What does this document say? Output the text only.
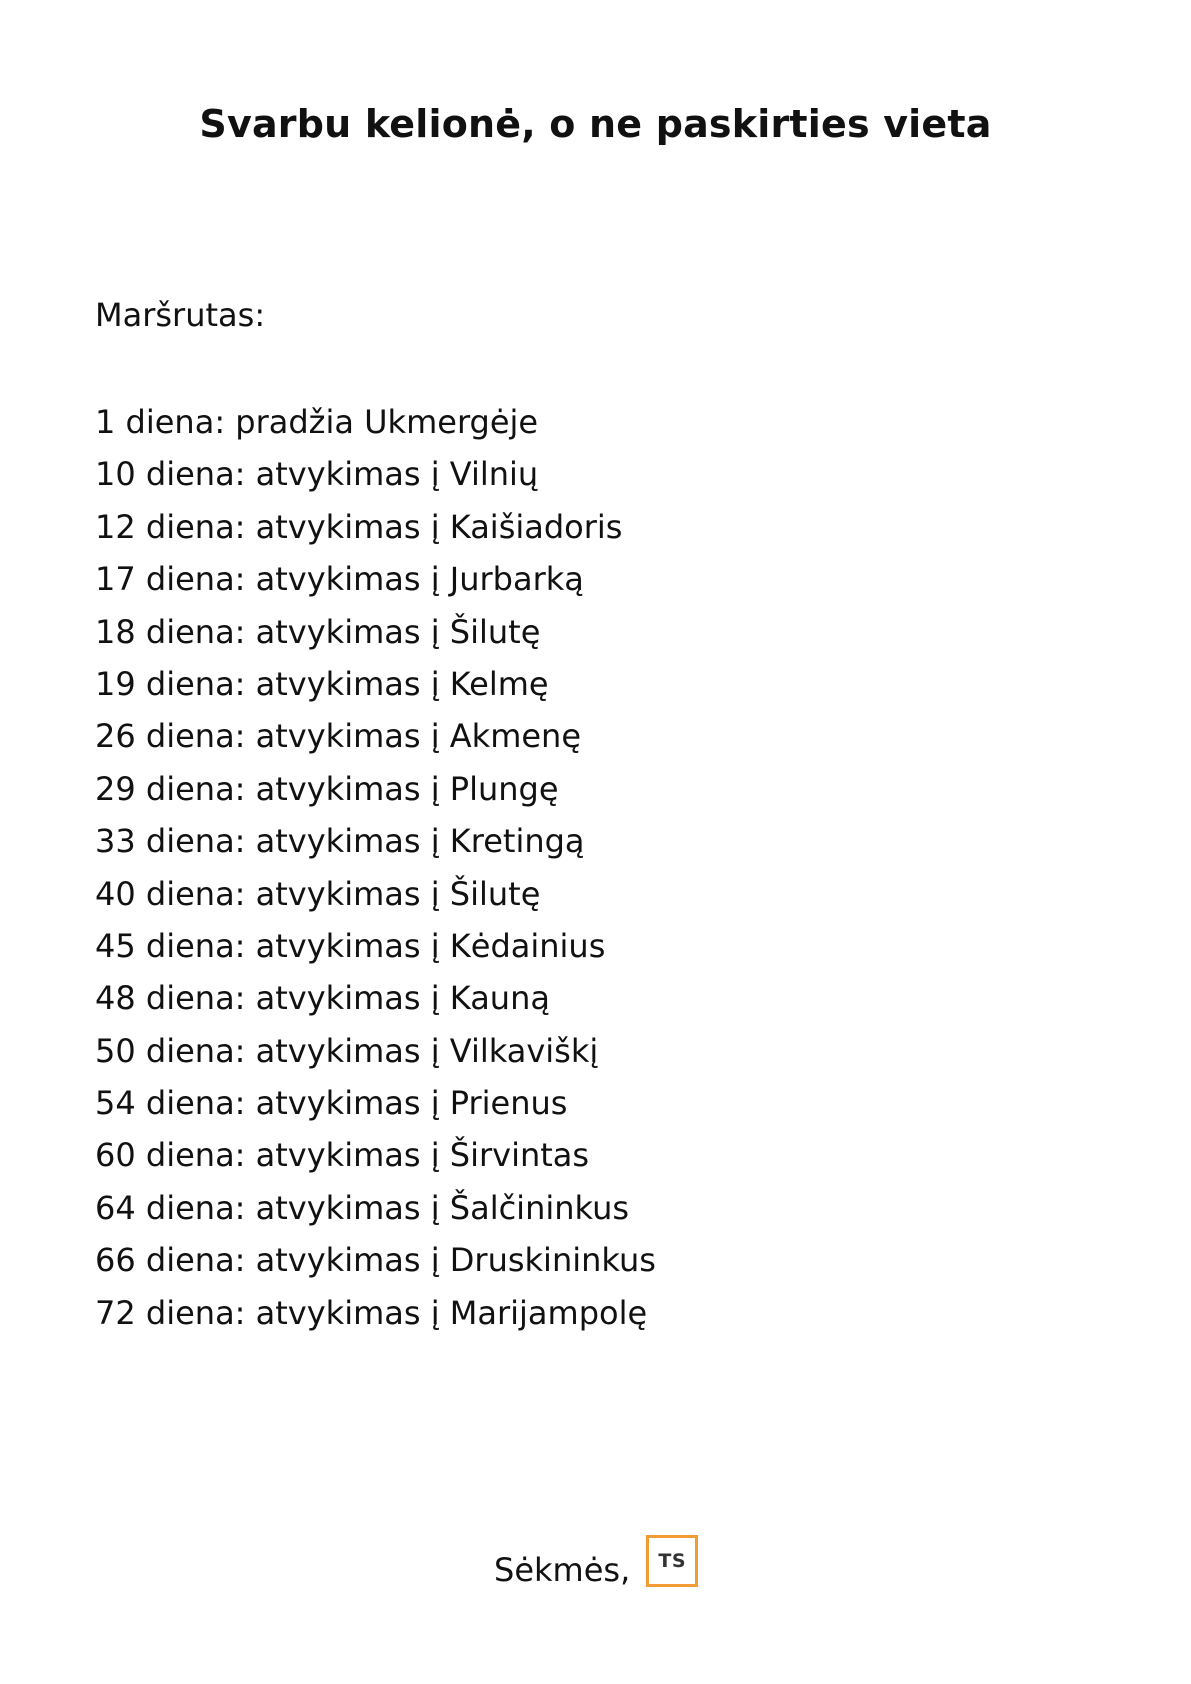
Svarbu kelionė, o ne paskirties vieta

Maršrutas:

1 diena: pradžia Ukmergėje
10 diena: atvykimas į Vilnių
12 diena: atvykimas į Kaišiadoris
17 diena: atvykimas į Jurbarką
18 diena: atvykimas į Šilutę
19 diena: atvykimas į Kelmę
26 diena: atvykimas į Akmenę
29 diena: atvykimas į Plungę
33 diena: atvykimas į Kretingą
40 diena: atvykimas į Šilutę
45 diena: atvykimas į Kėdainius
48 diena: atvykimas į Kauną
50 diena: atvykimas į Vilkaviškį
54 diena: atvykimas į Prienus
60 diena: atvykimas į Širvintas
64 diena: atvykimas į Šalčininkus
66 diena: atvykimas į Druskininkus
72 diena: atvykimas į Marijampolę
Sėkmės,	TS
